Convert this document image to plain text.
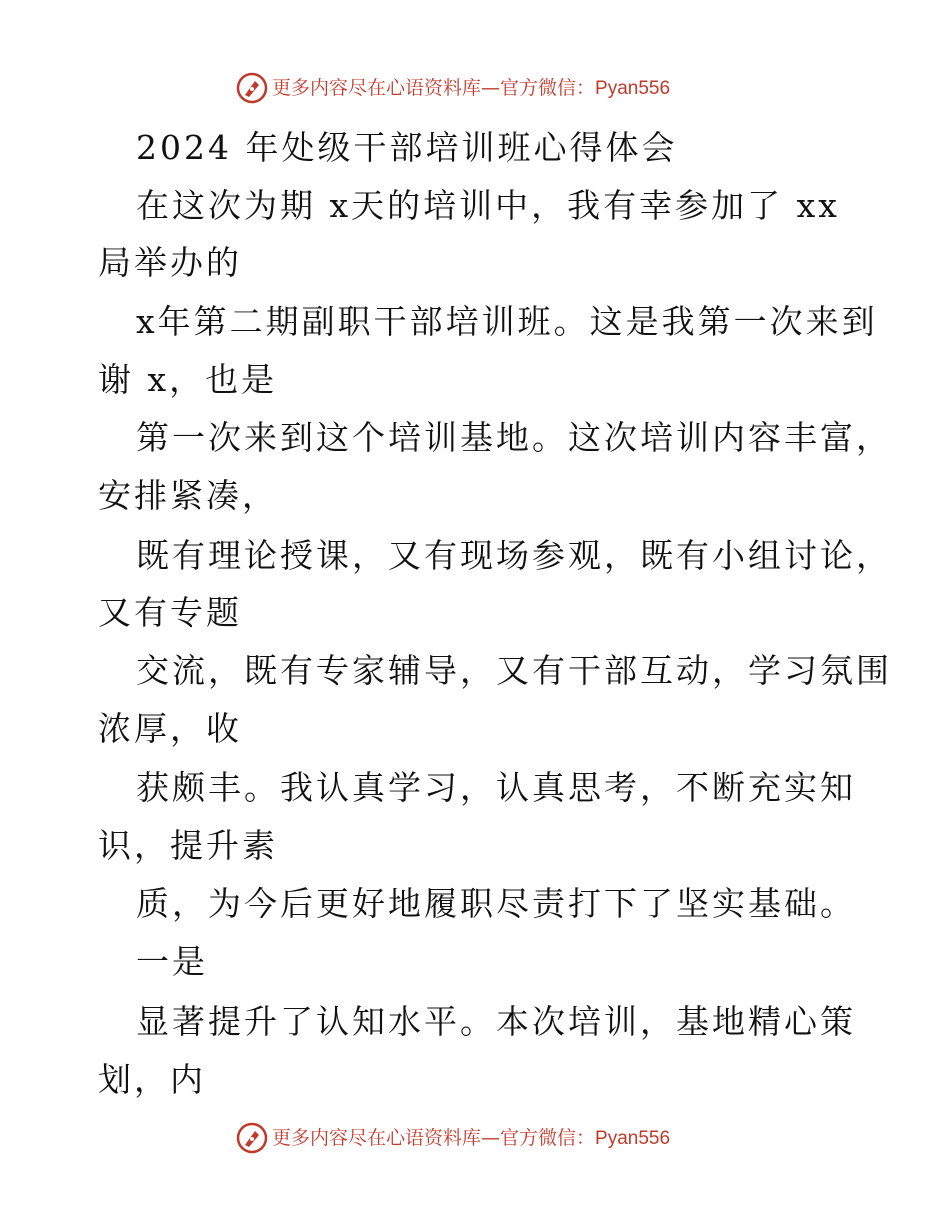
更多内容尽在心语资料库—官方微信：Pyan556
2024 年处级干部培训班心得体会
在这次为期 x天的培训中，我有幸参加了 xx
局举办的
x年第二期副职干部培训班。这是我第一次来到
谢 x，也是
第一次来到这个培训基地。这次培训内容丰富，
安排紧凑，
既有理论授课，又有现场参观，既有小组讨论，
又有专题
交流，既有专家辅导，又有干部互动，学习氛围
浓厚，收
获颇丰。我认真学习，认真思考，不断充实知
识，提升素
质，为今后更好地履职尽责打下了坚实基础。
一是
显著提升了认知水平。本次培训，基地精心策
划，内
更多内容尽在心语资料库—官方微信：Pyan556
